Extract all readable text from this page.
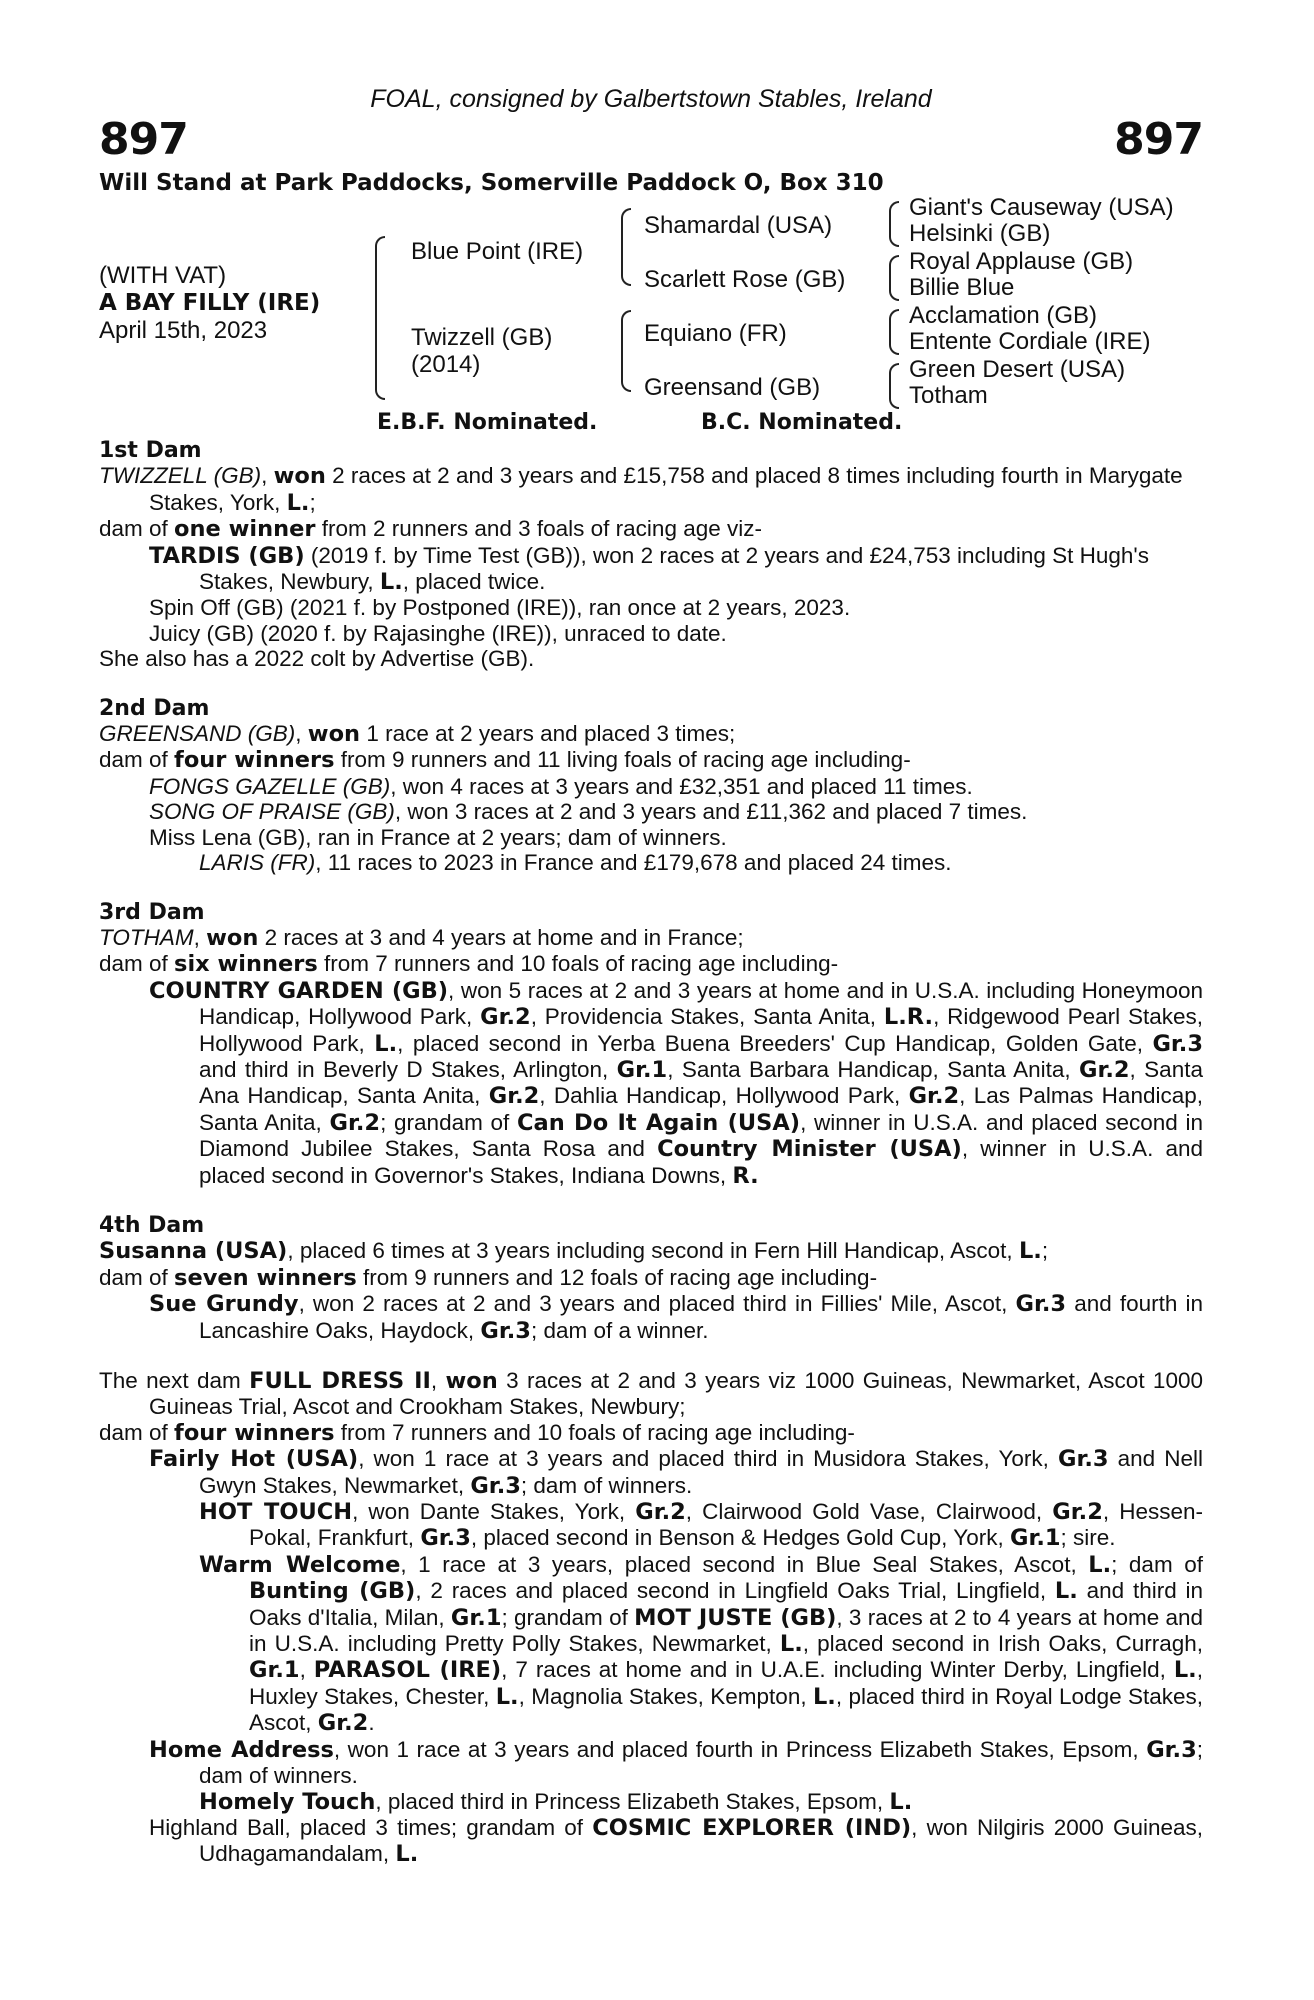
FOAL, consigned by Galbertstown Stables, Ireland
897	897
Will Stand at Park Paddocks, Somerville Paddock O, Box 310
(WITH VAT)
A BAY FILLY (IRE)
April 15th, 2023
Blue Point (IRE)
Twizzell (GB)
(2014)
Shamardal (USA)
Scarlett Rose (GB)
Equiano (FR)
Greensand (GB)
Giant's Causeway (USA)
Helsinki (GB)
Royal Applause (GB)
Billie Blue
Acclamation (GB)
Entente Cordiale (IRE)
Green Desert (USA)
Totham
E.B.F. Nominated.	B.C. Nominated.

1st Dam

TWIZZELL (GB), won 2 races at 2 and 3 years and £15,758 and placed 8 times including fourth in Marygate Stakes, York, L.;

dam of one winner from 2 runners and 3 foals of racing age viz-

TARDIS (GB) (2019 f. by Time Test (GB)), won 2 races at 2 years and £24,753 including St Hugh's Stakes, Newbury, L., placed twice.

Spin Off (GB) (2021 f. by Postponed (IRE)), ran once at 2 years, 2023.

Juicy (GB) (2020 f. by Rajasinghe (IRE)), unraced to date.

She also has a 2022 colt by Advertise (GB).

2nd Dam

GREENSAND (GB), won 1 race at 2 years and placed 3 times;

dam of four winners from 9 runners and 11 living foals of racing age including-

FONGS GAZELLE (GB), won 4 races at 3 years and £32,351 and placed 11 times.

SONG OF PRAISE (GB), won 3 races at 2 and 3 years and £11,362 and placed 7 times.

Miss Lena (GB), ran in France at 2 years; dam of winners.

LARIS (FR), 11 races to 2023 in France and £179,678 and placed 24 times.

3rd Dam

TOTHAM, won 2 races at 3 and 4 years at home and in France;

dam of six winners from 7 runners and 10 foals of racing age including-

COUNTRY GARDEN (GB), won 5 races at 2 and 3 years at home and in U.S.A. including Honeymoon Handicap, Hollywood Park, Gr.2, Providencia Stakes, Santa Anita, L.R., Ridgewood Pearl Stakes, Hollywood Park, L., placed second in Yerba Buena Breeders' Cup Handicap, Golden Gate, Gr.3 and third in Beverly D Stakes, Arlington, Gr.1, Santa Barbara Handicap, Santa Anita, Gr.2, Santa Ana Handicap, Santa Anita, Gr.2, Dahlia Handicap, Hollywood Park, Gr.2, Las Palmas Handicap, Santa Anita, Gr.2; grandam of Can Do It Again (USA), winner in U.S.A. and placed second in Diamond Jubilee Stakes, Santa Rosa and Country Minister (USA), winner in U.S.A. and placed second in Governor's Stakes, Indiana Downs, R.

4th Dam

Susanna (USA), placed 6 times at 3 years including second in Fern Hill Handicap, Ascot, L.;

dam of seven winners from 9 runners and 12 foals of racing age including-

Sue Grundy, won 2 races at 2 and 3 years and placed third in Fillies' Mile, Ascot, Gr.3 and fourth in Lancashire Oaks, Haydock, Gr.3; dam of a winner.

The next dam FULL DRESS II, won 3 races at 2 and 3 years viz 1000 Guineas, Newmarket, Ascot 1000 Guineas Trial, Ascot and Crookham Stakes, Newbury;

dam of four winners from 7 runners and 10 foals of racing age including-

Fairly Hot (USA), won 1 race at 3 years and placed third in Musidora Stakes, York, Gr.3 and Nell Gwyn Stakes, Newmarket, Gr.3; dam of winners.

HOT TOUCH, won Dante Stakes, York, Gr.2, Clairwood Gold Vase, Clairwood, Gr.2, Hessen-Pokal, Frankfurt, Gr.3, placed second in Benson & Hedges Gold Cup, York, Gr.1; sire.

Warm Welcome, 1 race at 3 years, placed second in Blue Seal Stakes, Ascot, L.; dam of Bunting (GB), 2 races and placed second in Lingfield Oaks Trial, Lingfield, L. and third in Oaks d'Italia, Milan, Gr.1; grandam of MOT JUSTE (GB), 3 races at 2 to 4 years at home and in U.S.A. including Pretty Polly Stakes, Newmarket, L., placed second in Irish Oaks, Curragh, Gr.1, PARASOL (IRE), 7 races at home and in U.A.E. including Winter Derby, Lingfield, L., Huxley Stakes, Chester, L., Magnolia Stakes, Kempton, L., placed third in Royal Lodge Stakes, Ascot, Gr.2.

Home Address, won 1 race at 3 years and placed fourth in Princess Elizabeth Stakes, Epsom, Gr.3; dam of winners.

Homely Touch, placed third in Princess Elizabeth Stakes, Epsom, L.

Highland Ball, placed 3 times; grandam of COSMIC EXPLORER (IND), won Nilgiris 2000 Guineas, Udhagamandalam, L.
